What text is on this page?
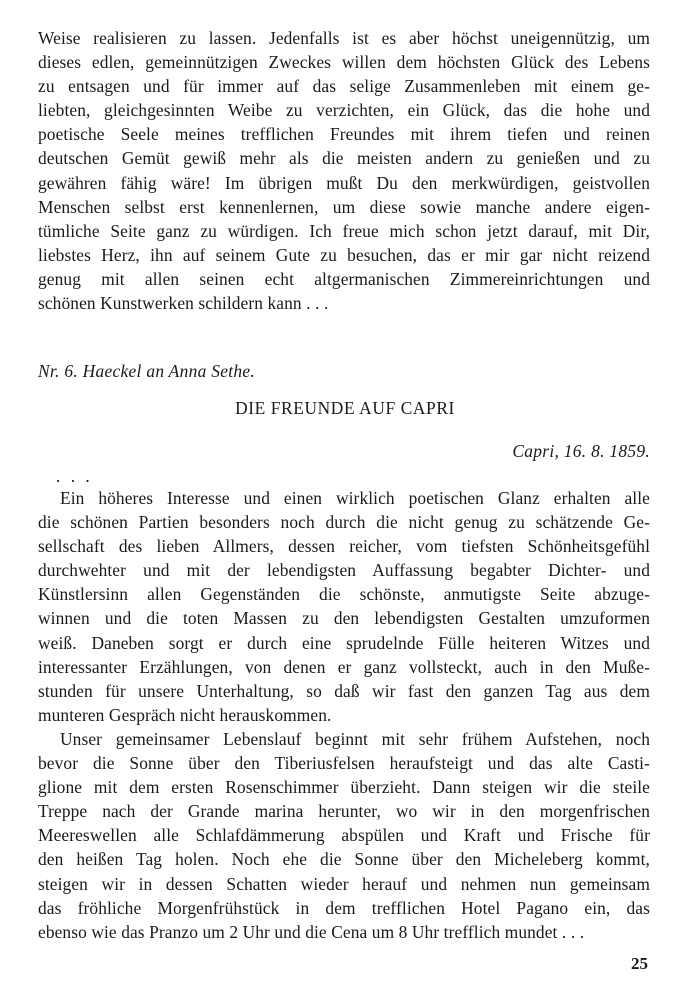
Weise realisieren zu lassen. Jedenfalls ist es aber höchst uneigennützig, um
dieses edlen, gemeinnützigen Zweckes willen dem höchsten Glück des Lebens
zu entsagen und für immer auf das selige Zusammenleben mit einem ge-
liebten, gleichgesinnten Weibe zu verzichten, ein Glück, das die hohe und
poetische Seele meines trefflichen Freundes mit ihrem tiefen und reinen
deutschen Gemüt gewiß mehr als die meisten andern zu genießen und zu
gewähren fähig wäre! Im übrigen mußt Du den merkwürdigen, geistvollen
Menschen selbst erst kennenlernen, um diese sowie manche andere eigen-
tümliche Seite ganz zu würdigen. Ich freue mich schon jetzt darauf, mit Dir,
liebstes Herz, ihn auf seinem Gute zu besuchen, das er mir gar nicht reizend
genug mit allen seinen echt altgermanischen Zimmereinrichtungen und
schönen Kunstwerken schildern kann . . .
Nr. 6. Haeckel an Anna Sethe.
DIE FREUNDE AUF CAPRI
Capri, 16. 8. 1859.
. . .
Ein höheres Interesse und einen wirklich poetischen Glanz erhalten alle
die schönen Partien besonders noch durch die nicht genug zu schätzende Ge-
sellschaft des lieben Allmers, dessen reicher, vom tiefsten Schönheitsgefühl
durchwehter und mit der lebendigsten Auffassung begabter Dichter- und
Künstlersinn allen Gegenständen die schönste, anmutigste Seite abzuge-
winnen und die toten Massen zu den lebendigsten Gestalten umzuformen
weiß. Daneben sorgt er durch eine sprudelnde Fülle heiteren Witzes und
interessanter Erzählungen, von denen er ganz vollsteckt, auch in den Muße-
stunden für unsere Unterhaltung, so daß wir fast den ganzen Tag aus dem
munteren Gespräch nicht herauskommen.
Unser gemeinsamer Lebenslauf beginnt mit sehr frühem Aufstehen, noch
bevor die Sonne über den Tiberiusfelsen heraufsteigt und das alte Casti-
glione mit dem ersten Rosenschimmer überzieht. Dann steigen wir die steile
Treppe nach der Grande marina herunter, wo wir in den morgenfrischen
Meereswellen alle Schlafdämmerung abspülen und Kraft und Frische für
den heißen Tag holen. Noch ehe die Sonne über den Micheleberg kommt,
steigen wir in dessen Schatten wieder herauf und nehmen nun gemeinsam
das fröhliche Morgenfrühstück in dem trefflichen Hotel Pagano ein, das
ebenso wie das Pranzo um 2 Uhr und die Cena um 8 Uhr trefflich mundet . . .
25
